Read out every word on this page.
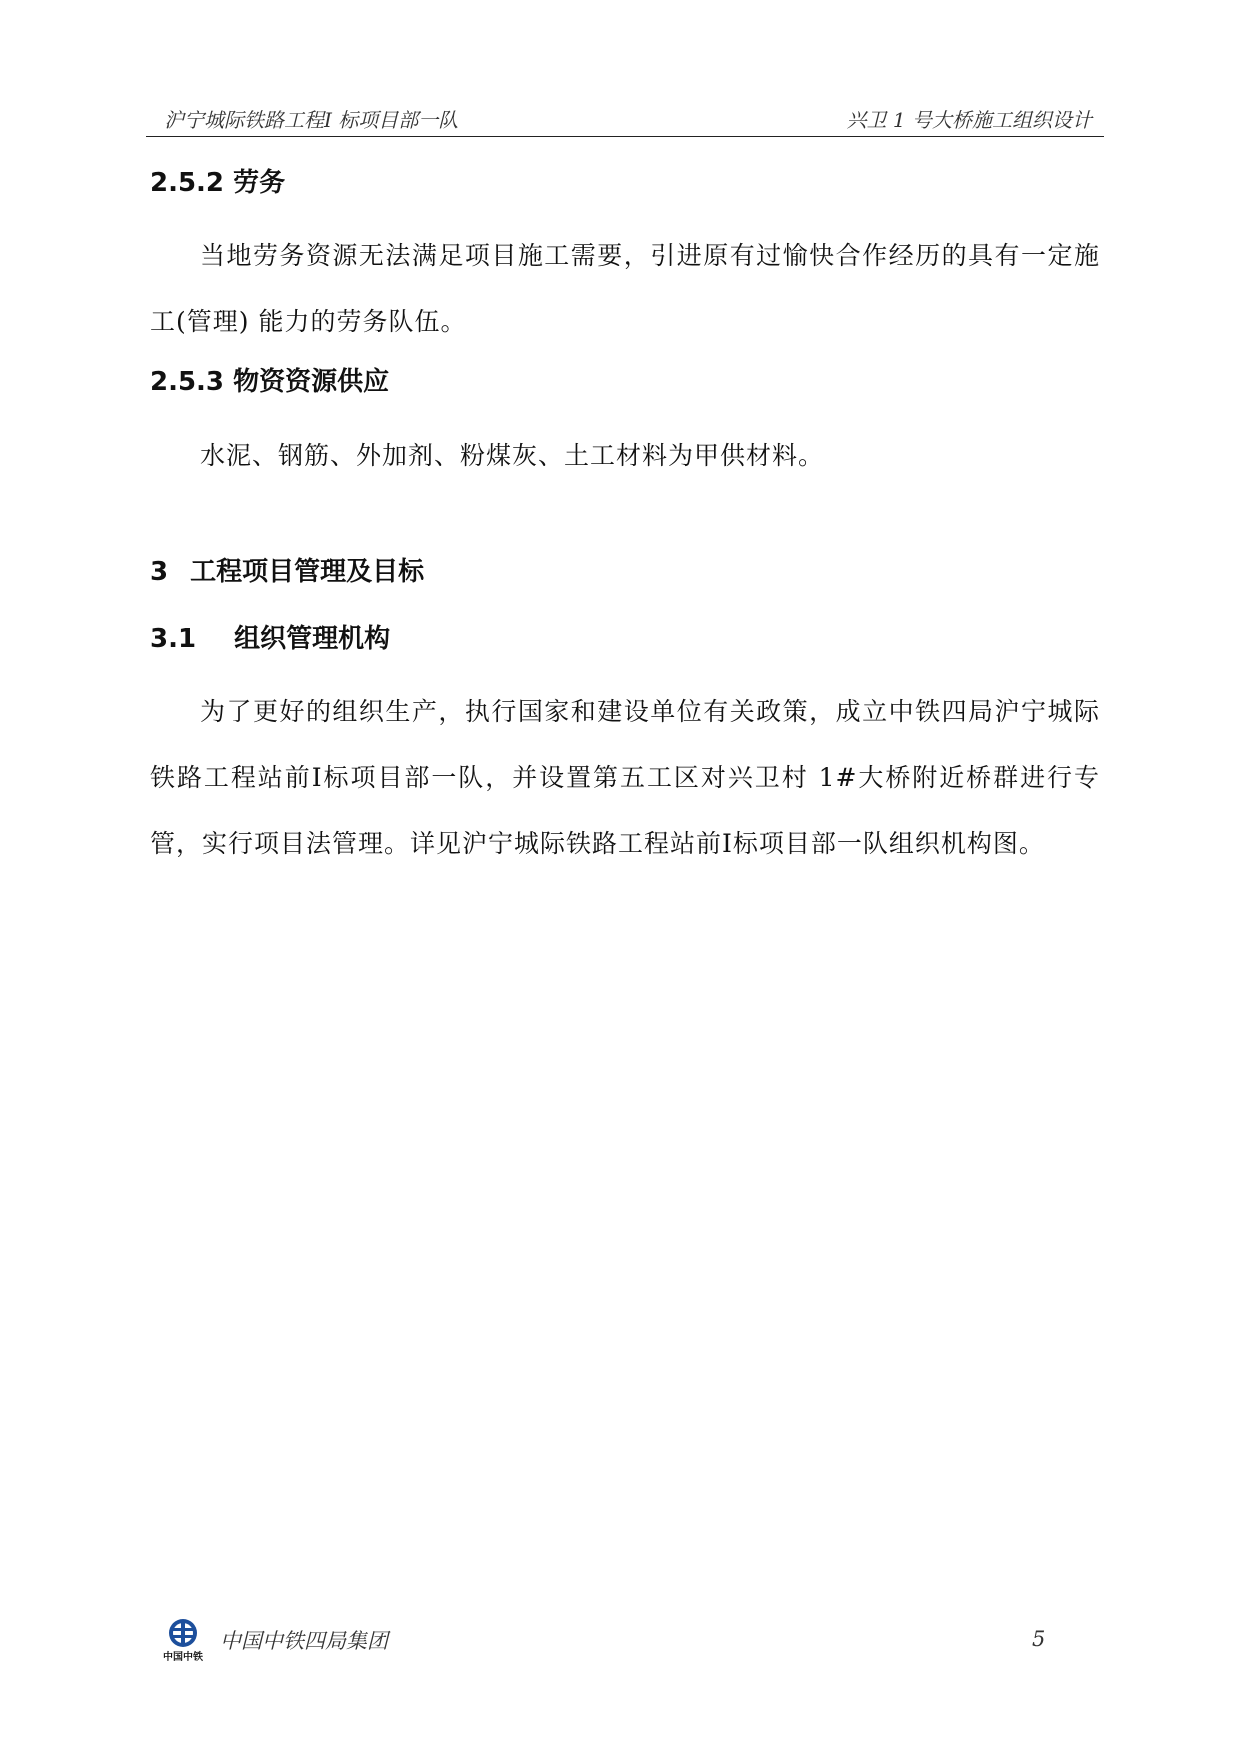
沪宁城际铁路工程Ⅰ 标项目部一队	兴卫 1 号大桥施工组织设计
2.5.2 劳务

当地劳务资源无法满足项目施工需要，引进原有过愉快合作经历的具有一定施工(管理) 能力的劳务队伍。

2.5.3 物资资源供应

水泥、钢筋、外加剂、粉煤灰、土工材料为甲供材料。

3 工程项目管理及目标
3.1 组织管理机构

为了更好的组织生产，执行国家和建设单位有关政策，成立中铁四局沪宁城际铁路工程站前Ⅰ标项目部一队，并设置第五工区对兴卫村 1#大桥附近桥群进行专管，实行项目法管理。详见沪宁城际铁路工程站前Ⅰ标项目部一队组织机构图。

中国中铁
中国中铁四局集团	5
